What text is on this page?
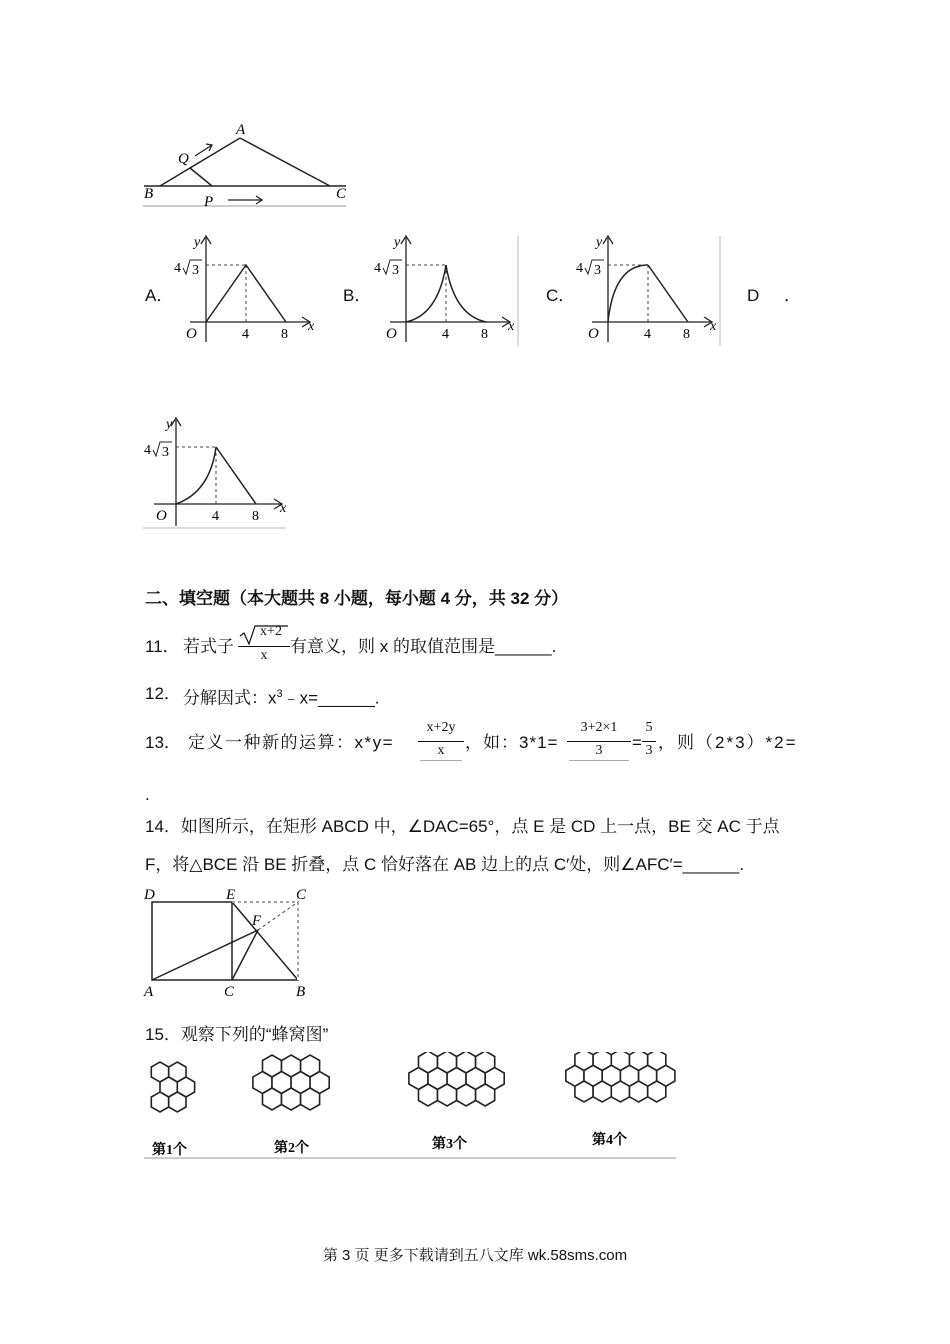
A
Q
B	C
P
A．	B．	C．	D ．
y
x
4 3
O	4 8
y
x
4 3
O	4 8
y
x
4 3
O	4 8
y
x
4 3
O	4 8
二、填空题（本大题共 8 小题，每小题 4 分，共 32 分）
11． 若式子
x+2
x	有意义，则 x 的取值范围是______.
12． 分解因式：$x^3﹣x=\_\_\_\_\_\_$.
13． 定义一种新的运算：x*y=
x+2y
x	，如：3*1=
3+2×1
3	=
5
3 ，则（2*3）*2=
.
14．如图所示，在矩形 ABCD 中，∠DAC=65°，点 E 是 CD 上一点，BE 交 AC 于点
F，将△BCE 沿 BE 折叠，点 C 恰好落在 AB 边上的点 C′处，则∠AFC′=______.
D	E	C
F
A	C	B
15．观察下列的“蜂窝图”
第1个	第2个	第3个	第4个
第 3 页 更多下载请到五八文库 wk.58sms.com
